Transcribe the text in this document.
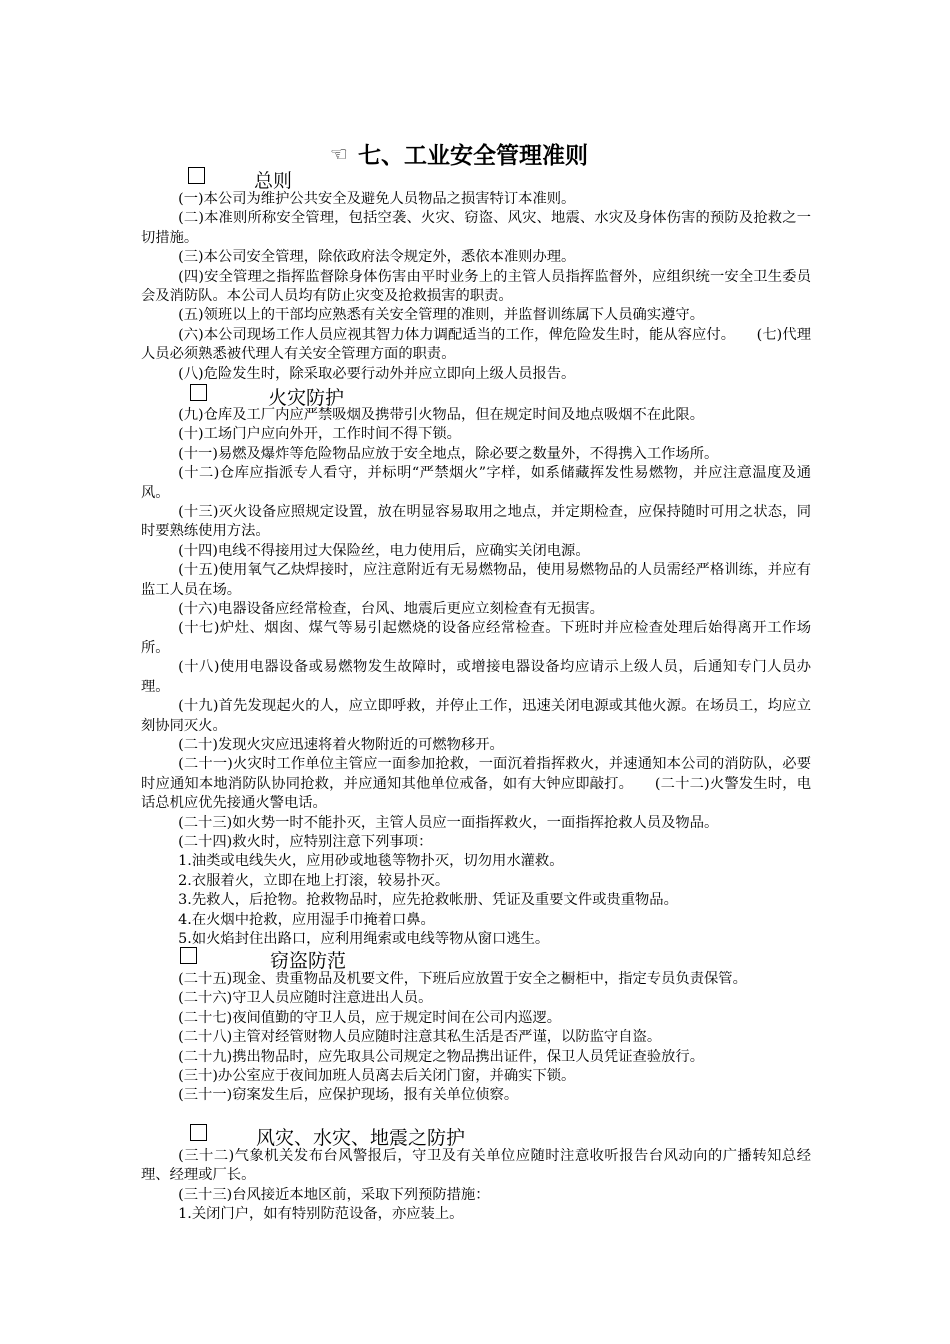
☜ 七、工业安全管理准则
总则

(一)本公司为维护公共安全及避免人员物品之损害特订本准则。

(二)本准则所称安全管理，包括空袭、火灾、窃盗、风灾、地震、水灾及身体伤害的预防及抢救之一切措施。

(三)本公司安全管理，除依政府法令规定外，悉依本准则办理。

(四)安全管理之指挥监督除身体伤害由平时业务上的主管人员指挥监督外，应组织统一安全卫生委员会及消防队。本公司人员均有防止灾变及抢救损害的职责。

(五)领班以上的干部均应熟悉有关安全管理的准则，并监督训练属下人员确实遵守。

(六)本公司现场工作人员应视其智力体力调配适当的工作，俾危险发生时，能从容应付。　　(七)代理人员必须熟悉被代理人有关安全管理方面的职责。

(八)危险发生时，除采取必要行动外并应立即向上级人员报告。

火灾防护

(九)仓库及工厂内应严禁吸烟及携带引火物品，但在规定时间及地点吸烟不在此限。

(十)工场门户应向外开，工作时间不得下锁。

(十一)易燃及爆炸等危险物品应放于安全地点，除必要之数量外，不得携入工作场所。

(十二)仓库应指派专人看守，并标明“严禁烟火”字样，如系储藏挥发性易燃物，并应注意温度及通风。

(十三)灭火设备应照规定设置，放在明显容易取用之地点，并定期检查，应保持随时可用之状态，同时要熟练使用方法。

(十四)电线不得接用过大保险丝，电力使用后，应确实关闭电源。

(十五)使用氧气乙炔焊接时，应注意附近有无易燃物品，使用易燃物品的人员需经严格训练，并应有监工人员在场。

(十六)电器设备应经常检查，台风、地震后更应立刻检查有无损害。

(十七)炉灶、烟囱、煤气等易引起燃烧的设备应经常检查。下班时并应检查处理后始得离开工作场所。

(十八)使用电器设备或易燃物发生故障时，或增接电器设备均应请示上级人员，后通知专门人员办理。

(十九)首先发现起火的人，应立即呼救，并停止工作，迅速关闭电源或其他火源。在场员工，均应立刻协同灭火。

(二十)发现火灾应迅速将着火物附近的可燃物移开。

(二十一)火灾时工作单位主管应一面参加抢救，一面沉着指挥救火，并速通知本公司的消防队，必要时应通知本地消防队协同抢救，并应通知其他单位戒备，如有大钟应即敲打。　　(二十二)火警发生时，电话总机应优先接通火警电话。

(二十三)如火势一时不能扑灭，主管人员应一面指挥救火，一面指挥抢救人员及物品。

(二十四)救火时，应特别注意下列事项：

1.油类或电线失火，应用砂或地毯等物扑灭，切勿用水灌救。

2.衣服着火，立即在地上打滚，较易扑灭。

3.先救人，后抢物。抢救物品时，应先抢救帐册、凭证及重要文件或贵重物品。

4.在火烟中抢救，应用湿手巾掩着口鼻。

5.如火焰封住出路口，应利用绳索或电线等物从窗口逃生。

窃盗防范

(二十五)现金、贵重物品及机要文件，下班后应放置于安全之橱柜中，指定专员负责保管。

(二十六)守卫人员应随时注意进出人员。

(二十七)夜间值勤的守卫人员，应于规定时间在公司内巡逻。

(二十八)主管对经管财物人员应随时注意其私生活是否严谨，以防监守自盗。

(二十九)携出物品时，应先取具公司规定之物品携出证件，保卫人员凭证查验放行。

(三十)办公室应于夜间加班人员离去后关闭门窗，并确实下锁。

(三十一)窃案发生后，应保护现场，报有关单位侦察。

风灾、水灾、地震之防护

(三十二)气象机关发布台风警报后，守卫及有关单位应随时注意收听报告台风动向的广播转知总经理、经理或厂长。

(三十三)台风接近本地区前，采取下列预防措施：

1.关闭门户，如有特别防范设备，亦应装上。
